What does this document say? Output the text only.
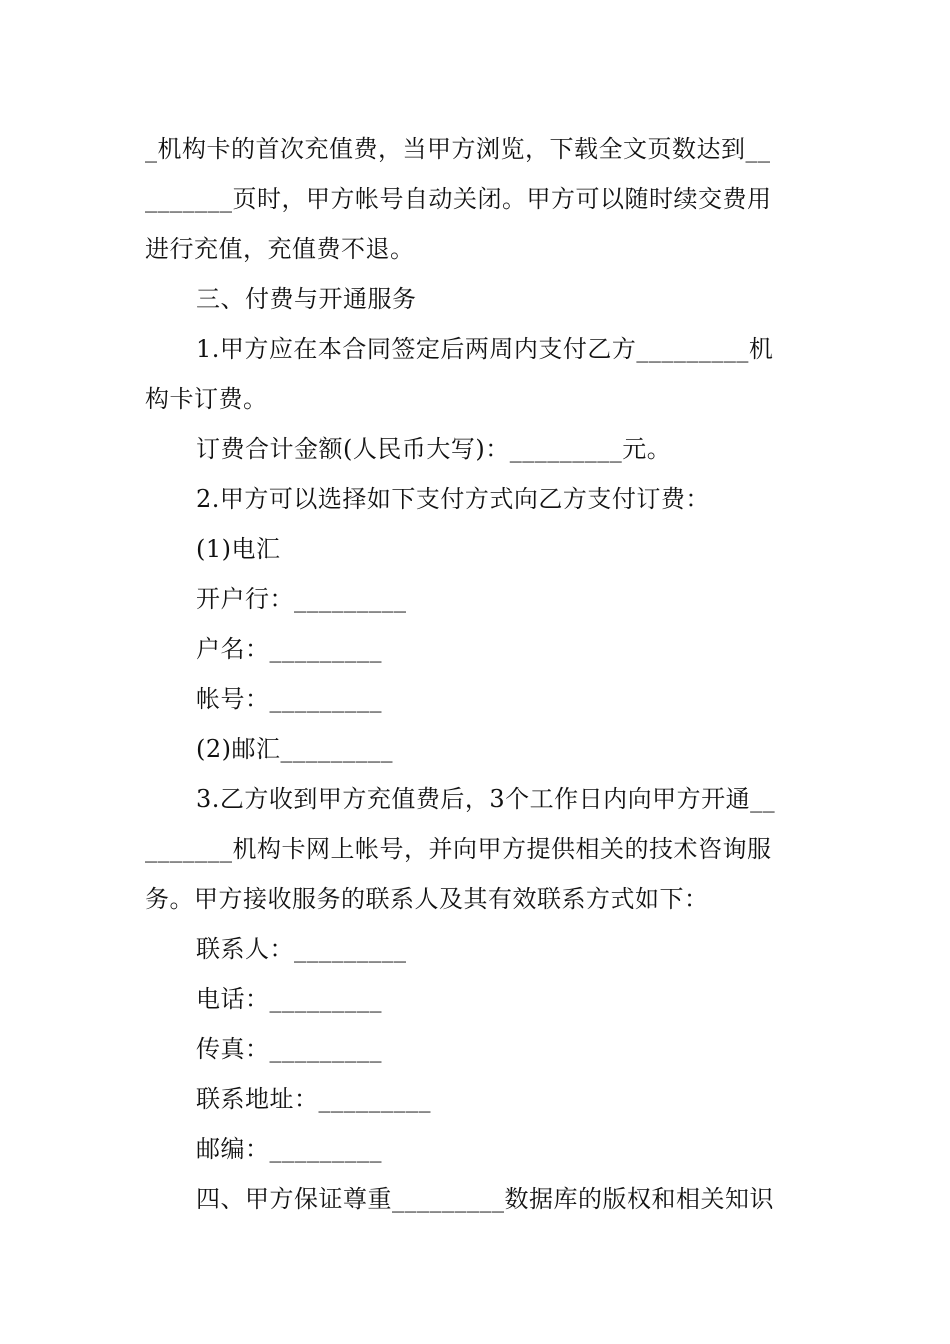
_机构卡的首次充值费，当甲方浏览，下载全文页数达到__
_______页时，甲方帐号自动关闭。甲方可以随时续交费用
进行充值，充值费不退。
三、付费与开通服务
1.甲方应在本合同签定后两周内支付乙方_________机
构卡订费。
订费合计金额(人民币大写)：_________元。
2.甲方可以选择如下支付方式向乙方支付订费：
(1)电汇
开户行：_________
户名：_________
帐号：_________
(2)邮汇_________
3.乙方收到甲方充值费后，3个工作日内向甲方开通__
_______机构卡网上帐号，并向甲方提供相关的技术咨询服
务。甲方接收服务的联系人及其有效联系方式如下：
联系人：_________
电话：_________
传真：_________
联系地址：_________
邮编：_________
四、甲方保证尊重_________数据库的版权和相关知识
